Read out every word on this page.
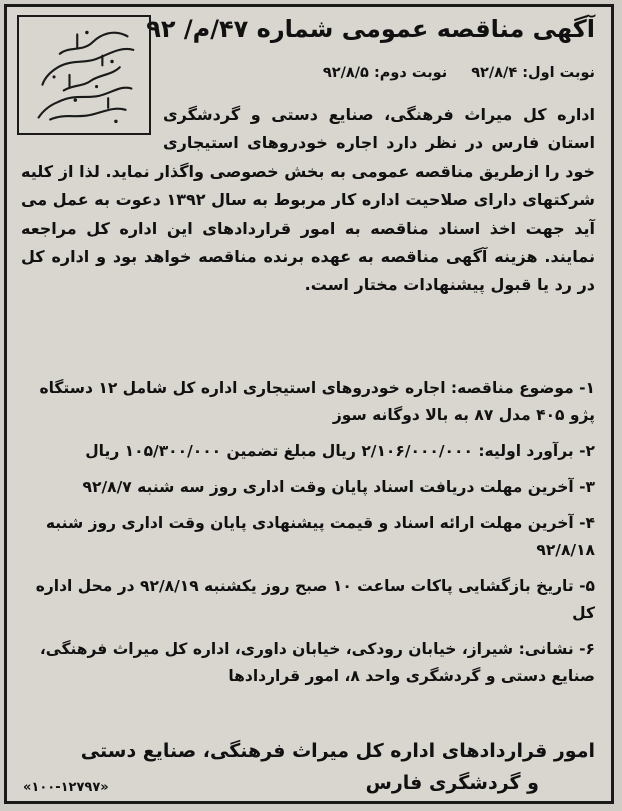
آگهی مناقصه عمومی شماره ۴۷/م/ ۹۲
نوبت اول: ۹۲/۸/۴نوبت دوم: ۹۲/۸/۵
سازمان میراث فرهنگی، صنایع دستی و گردشگری
اداره کل میراث فرهنگی، صنایع دستی و گردشگری استان فارس در نظر دارد اجاره خودروهای استیجاری خود را ازطریق مناقصه عمومی به بخش خصوصی واگذار نماید. لذا از کلیه شرکتهای دارای صلاحیت اداره کار مربوط به سال ۱۳۹۲ دعوت به عمل می آید جهت اخذ اسناد مناقصه به امور قراردادهای این اداره کل مراجعه نمایند. هزینه آگهی مناقصه به عهده برنده مناقصه خواهد بود و اداره کل در رد یا قبول پیشنهادات مختار است.
۱- موضوع مناقصه: اجاره خودروهای استیجاری اداره کل شامل ۱۲ دستگاه پژو ۴۰۵ مدل ۸۷ به بالا دوگانه سوز
۲- برآورد اولیه: ۲/۱۰۶/۰۰۰/۰۰۰ ریال مبلغ تضمین ۱۰۵/۳۰۰/۰۰۰ ریال
۳- آخرین مهلت دریافت اسناد پایان وقت اداری روز سه شنبه ۹۲/۸/۷
۴- آخرین مهلت ارائه اسناد و قیمت پیشنهادی پایان وقت اداری روز شنبه ۹۲/۸/۱۸
۵- تاریخ بازگشایی پاکات ساعت ۱۰ صبح روز یکشنبه ۹۲/۸/۱۹ در محل اداره کل
۶- نشانی: شیراز، خیابان رودکی، خیابان داوری، اداره کل میراث فرهنگی، صنایع دستی و گردشگری واحد ۸، امور قراردادها
امور قراردادهای اداره کل میراث فرهنگی، صنایع دستی
و گردشگری فارس
«۱۰۰-۱۲۷۹۷»
